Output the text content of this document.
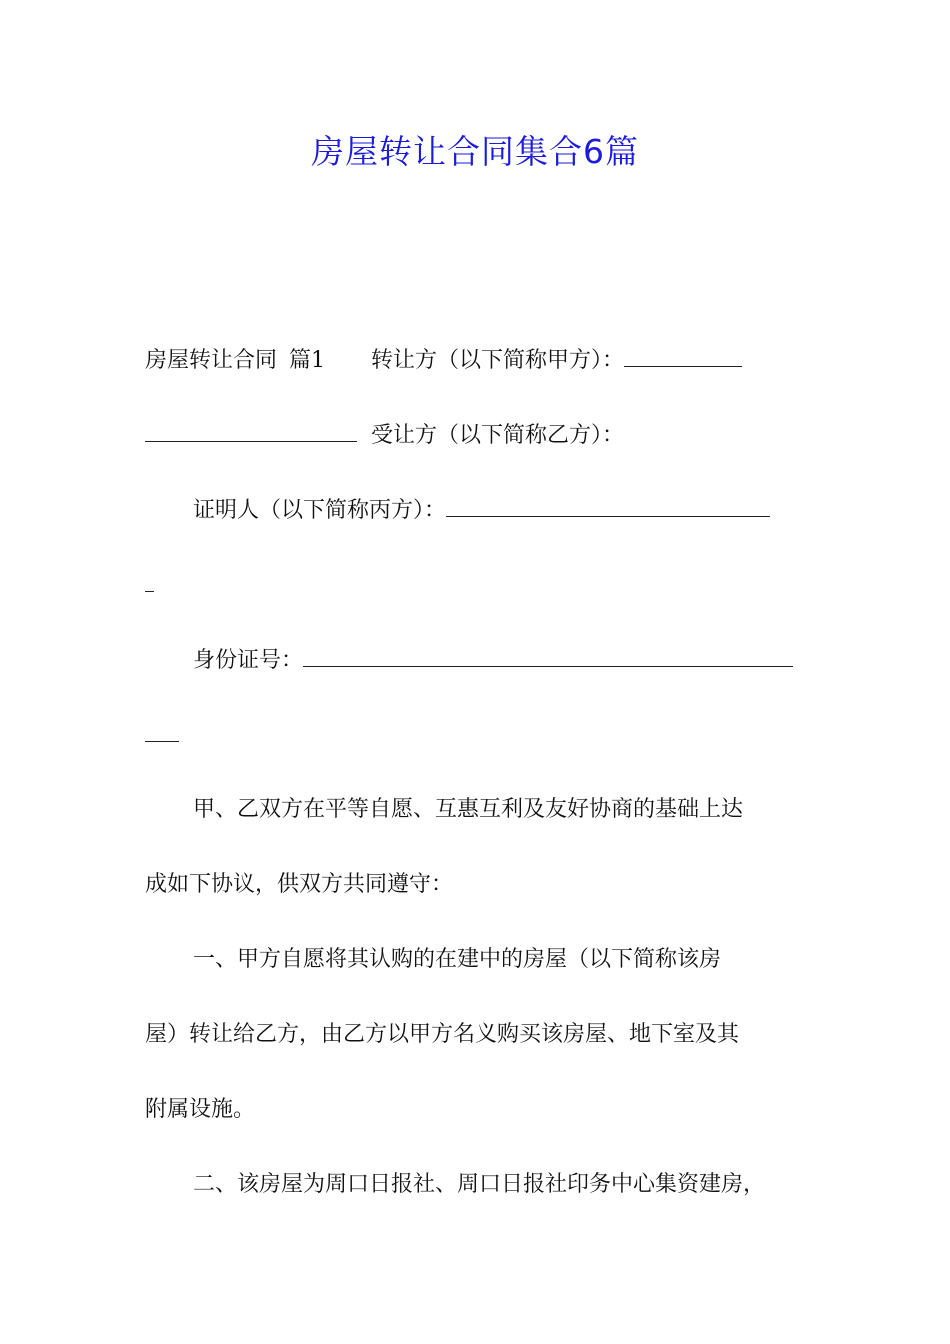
房屋转让合同集合6篇
房屋转让合同 篇1 转让方（以下简称甲方）：
受让方（以下简称乙方）：
证明人（以下简称丙方）：
身份证号：
甲、乙双方在平等自愿、互惠互利及友好协商的基础上达
成如下协议，供双方共同遵守：
一、甲方自愿将其认购的在建中的房屋（以下简称该房
屋）转让给乙方，由乙方以甲方名义购买该房屋、地下室及其
附属设施。
二、该房屋为周口日报社、周口日报社印务中心集资建房，
